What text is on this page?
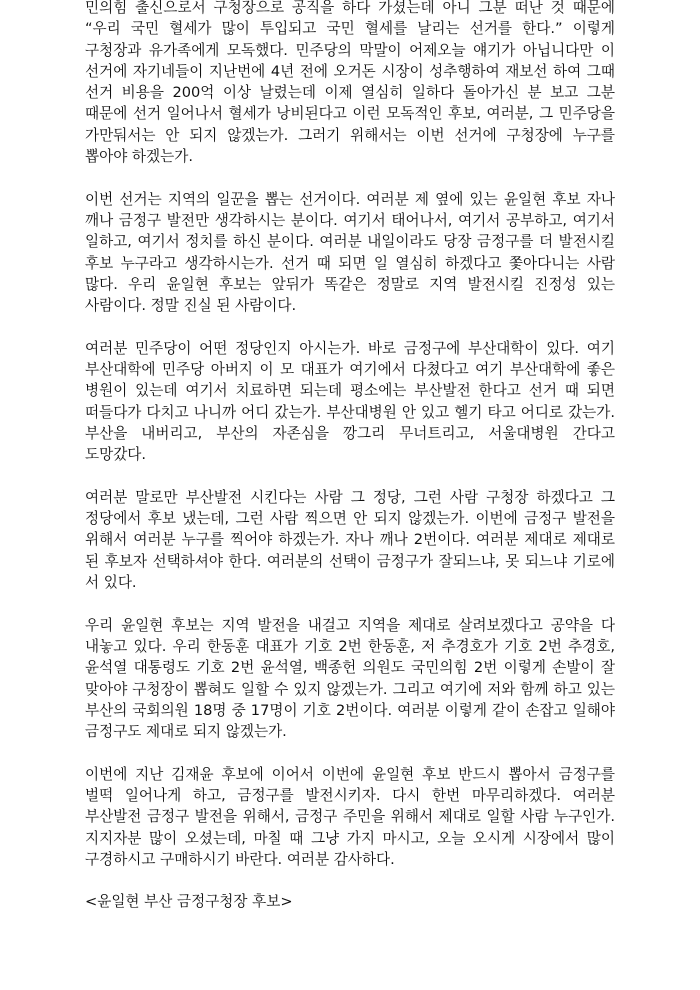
민의힘 출신으로서 구청장으로 공직을 하다 가셨는데 아니 그분 떠난 것 때문에 “우리 국민 혈세가 많이 투입되고 국민 혈세를 날리는 선거를 한다.” 이렇게 구청장과 유가족에게 모독했다. 민주당의 막말이 어제오늘 얘기가 아닙니다만 이 선거에 자기네들이 지난번에 4년 전에 오거돈 시장이 성추행하여 재보선 하여 그때 선거 비용을 200억 이상 날렸는데 이제 열심히 일하다 돌아가신 분 보고 그분 때문에 선거 일어나서 혈세가 낭비된다고 이런 모독적인 후보, 여러분, 그 민주당을 가만둬서는 안 되지 않겠는가. 그러기 위해서는 이번 선거에 구청장에 누구를 뽑아야 하겠는가.

이번 선거는 지역의 일꾼을 뽑는 선거이다. 여러분 제 옆에 있는 윤일현 후보 자나 깨나 금정구 발전만 생각하시는 분이다. 여기서 태어나서, 여기서 공부하고, 여기서 일하고, 여기서 정치를 하신 분이다. 여러분 내일이라도 당장 금정구를 더 발전시킬 후보 누구라고 생각하시는가. 선거 때 되면 일 열심히 하겠다고 쫓아다니는 사람 많다. 우리 윤일현 후보는 앞뒤가 똑같은 정말로 지역 발전시킬 진정성 있는 사람이다. 정말 진실 된 사람이다.

여러분 민주당이 어떤 정당인지 아시는가. 바로 금정구에 부산대학이 있다. 여기 부산대학에 민주당 아버지 이 모 대표가 여기에서 다쳤다고 여기 부산대학에 좋은 병원이 있는데 여기서 치료하면 되는데 평소에는 부산발전 한다고 선거 때 되면 떠들다가 다치고 나니까 어디 갔는가. 부산대병원 안 있고 헬기 타고 어디로 갔는가. 부산을 내버리고, 부산의 자존심을 깡그리 무너트리고, 서울대병원 간다고 도망갔다.

여러분 말로만 부산발전 시킨다는 사람 그 정당, 그런 사람 구청장 하겠다고 그 정당에서 후보 냈는데, 그런 사람 찍으면 안 되지 않겠는가. 이번에 금정구 발전을 위해서 여러분 누구를 찍어야 하겠는가. 자나 깨나 2번이다. 여러분 제대로 제대로 된 후보자 선택하셔야 한다. 여러분의 선택이 금정구가 잘되느냐, 못 되느냐 기로에 서 있다.

우리 윤일현 후보는 지역 발전을 내걸고 지역을 제대로 살려보겠다고 공약을 다 내놓고 있다. 우리 한동훈 대표가 기호 2번 한동훈, 저 추경호가 기호 2번 추경호, 윤석열 대통령도 기호 2번 윤석열, 백종헌 의원도 국민의힘 2번 이렇게 손발이 잘 맞아야 구청장이 뽑혀도 일할 수 있지 않겠는가. 그리고 여기에 저와 함께 하고 있는 부산의 국회의원 18명 중 17명이 기호 2번이다. 여러분 이렇게 같이 손잡고 일해야 금정구도 제대로 되지 않겠는가.

이번에 지난 김재윤 후보에 이어서 이번에 윤일현 후보 반드시 뽑아서 금정구를 벌떡 일어나게 하고, 금정구를 발전시키자. 다시 한번 마무리하겠다. 여러분 부산발전 금정구 발전을 위해서, 금정구 주민을 위해서 제대로 일할 사람 누구인가. 지지자분 많이 오셨는데, 마칠 때 그냥 가지 마시고, 오늘 오시게 시장에서 많이 구경하시고 구매하시기 바란다. 여러분 감사하다.

<윤일현 부산 금정구청장 후보>
